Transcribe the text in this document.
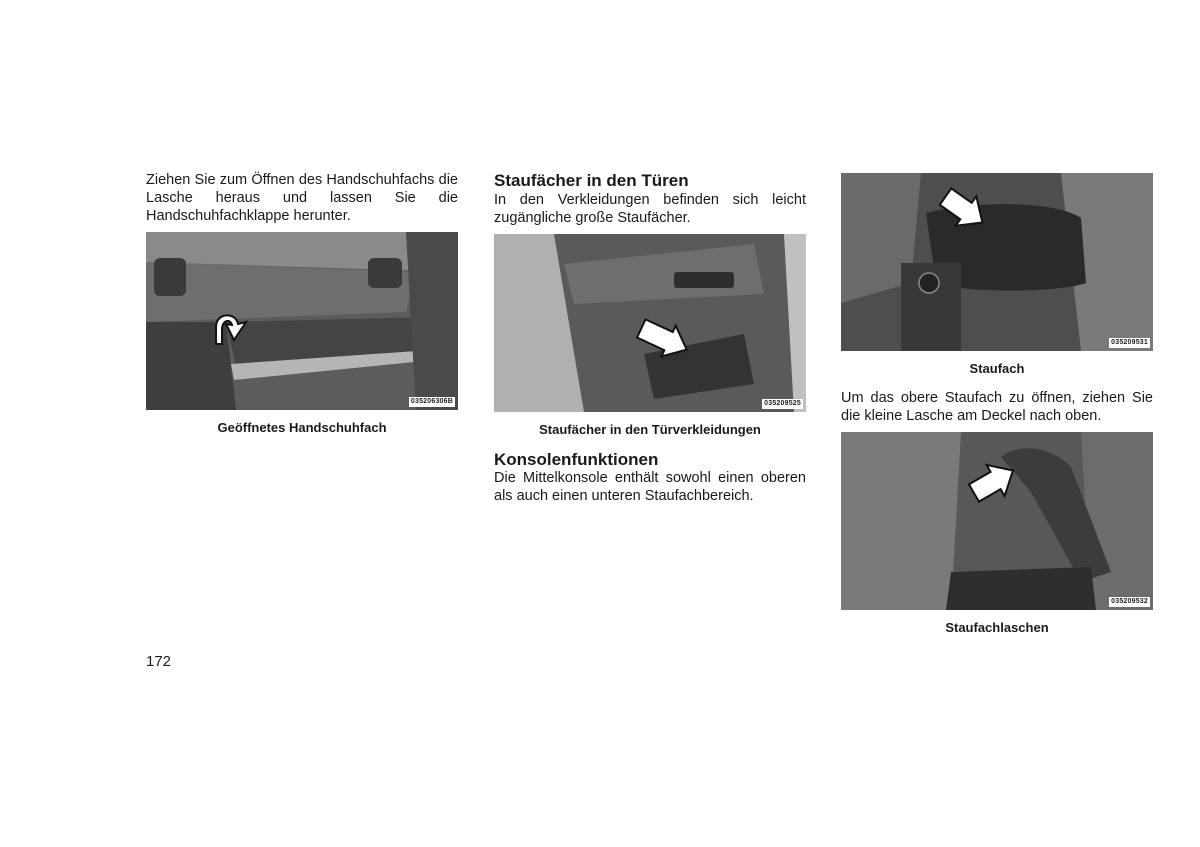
Ziehen Sie zum Öffnen des Handschuhfachs die Lasche heraus und lassen Sie die Handschuhfachklappe herunter.
035206306B
Geöffnetes Handschuhfach
Staufächer in den Türen
In den Verkleidungen befinden sich leicht zugängliche große Staufächer.
035209525
Staufächer in den Türverkleidungen
Konsolenfunktionen
Die Mittelkonsole enthält sowohl einen oberen als auch einen unteren Staufachbereich.
035209531
Staufach
Um das obere Staufach zu öffnen, ziehen Sie die kleine Lasche am Deckel nach oben.
035209532
Staufachlaschen
172
